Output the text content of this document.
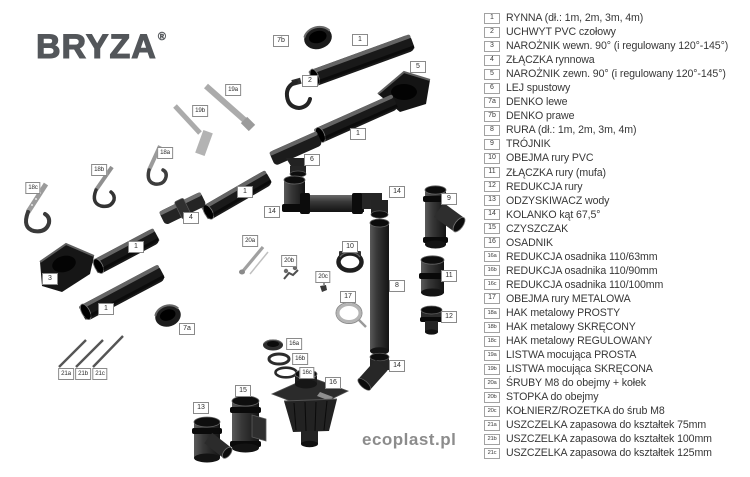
BRYZA®	7b	1
5
2
19a
19b
18a
18b
18c
1
6
1
4
1
3
1
7a
21a	21b	21c
14
14
20a
20b
10
20c
17
8
9
11
12
16a
16b
16c
16
15
14
13
ecoplast.pl
1	RYNNA (dł.: 1m, 2m, 3m, 4m)
2	UCHWYT PVC czołowy
3	NAROŻNIK wewn. 90° (i regulowany 120°-145°)
4	ZŁĄCZKA rynnowa
5	NAROŻNIK zewn. 90° (i regulowany 120°-145°)
6	LEJ spustowy
7a DENKO lewe
7b DENKO prawe
8	RURA (dł.: 1m, 2m, 3m, 4m)
9	TRÓJNIK
10 OBEJMA rury PVC
11 ZŁĄCZKA rury (mufa)
12 REDUKCJA rury
13 ODZYSKIWACZ wody
14 KOLANKO kąt 67,5°
15 CZYSZCZAK
16 OSADNIK
16a REDUKCJA osadnika 110/63mm
16b REDUKCJA osadnika 110/90mm
16c REDUKCJA osadnika 110/100mm
17 OBEJMA rury METALOWA
18a HAK metalowy PROSTY
18b HAK metalowy SKRĘCONY
18c HAK metalowy REGULOWANY
19a LISTWA mocująca PROSTA
19b LISTWA mocująca SKRĘCONA
20a ŚRUBY M8 do obejmy + kołek
20b STOPKA do obejmy
20c KOŁNIERZ/ROZETKA do śrub M8
21a USZCZELKA zapasowa do kształtek 75mm
21b USZCZELKA zapasowa do kształtek 100mm
21c USZCZELKA zapasowa do kształtek 125mm
